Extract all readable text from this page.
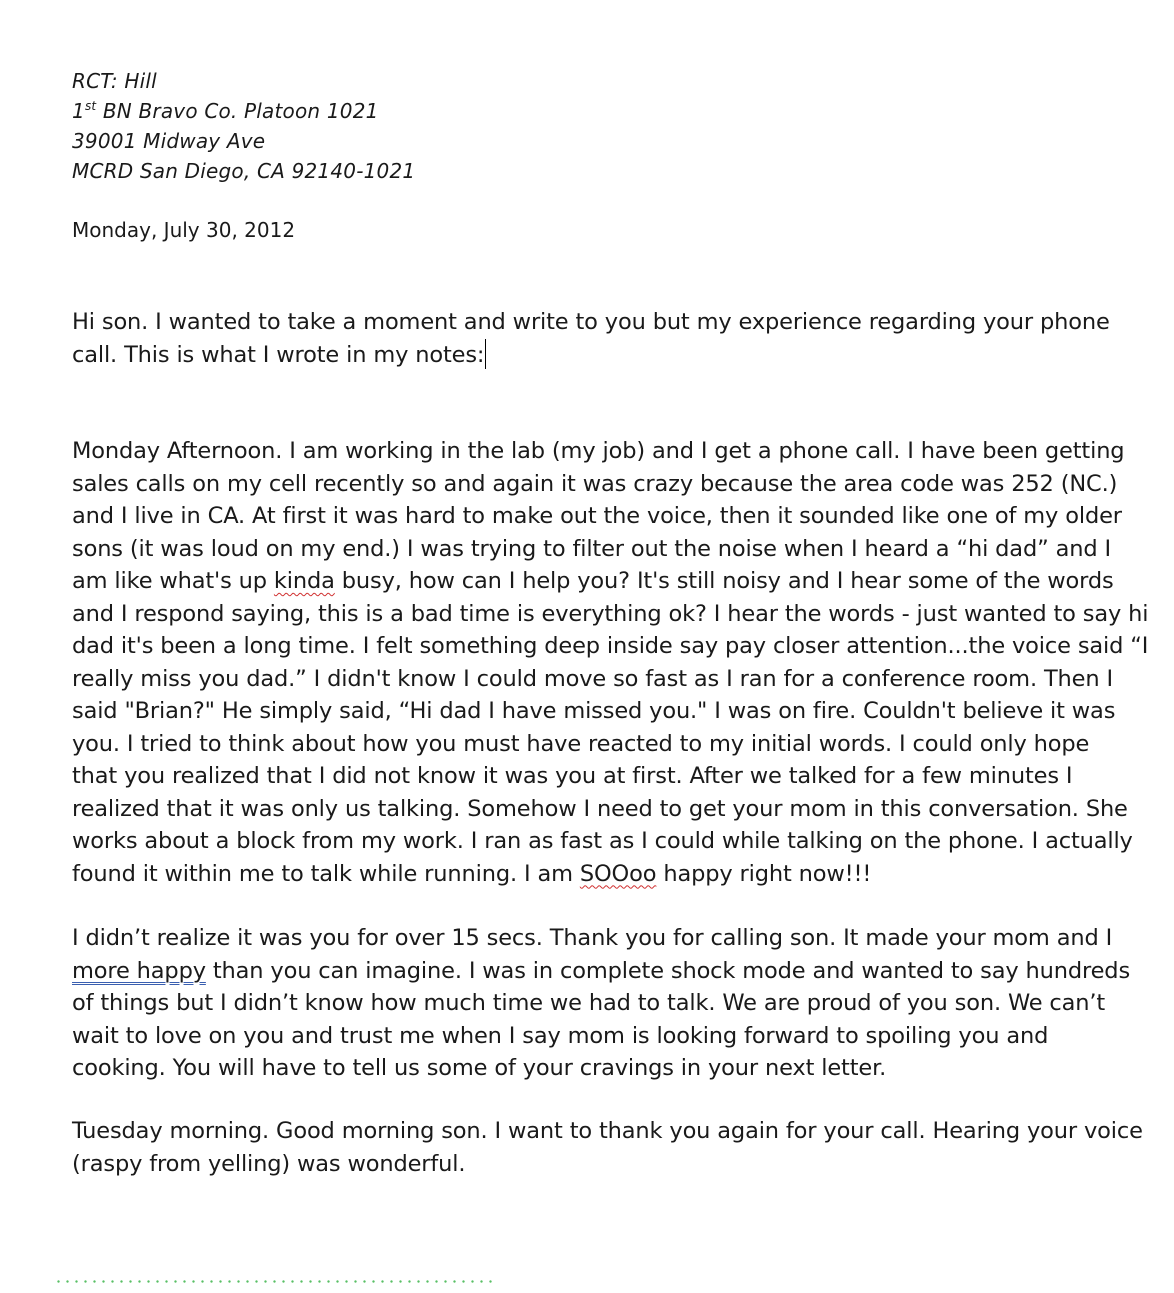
RCT: Hill
1st BN Bravo Co. Platoon 1021
39001 Midway Ave
MCRD San Diego, CA 92140-1021
Monday, July 30, 2012
Hi son. I wanted to take a moment and write to you but my experience regarding your phone
call. This is what I wrote in my notes:
Monday Afternoon. I am working in the lab (my job) and I get a phone call. I have been getting
sales calls on my cell recently so and again it was crazy because the area code was 252 (NC.)
and I live in CA. At first it was hard to make out the voice, then it sounded like one of my older
sons (it was loud on my end.) I was trying to filter out the noise when I heard a “hi dad” and I
am like what's up kinda busy, how can I help you? It's still noisy and I hear some of the words
and I respond saying, this is a bad time is everything ok? I hear the words - just wanted to say hi
dad it's been a long time. I felt something deep inside say pay closer attention...the voice said “I
really miss you dad.” I didn't know I could move so fast as I ran for a conference room. Then I
said "Brian?" He simply said, “Hi dad I have missed you." I was on fire. Couldn't believe it was
you. I tried to think about how you must have reacted to my initial words. I could only hope
that you realized that I did not know it was you at first. After we talked for a few minutes I
realized that it was only us talking. Somehow I need to get your mom in this conversation. She
works about a block from my work. I ran as fast as I could while talking on the phone. I actually
found it within me to talk while running. I am SOOoo happy right now!!!
I didn’t realize it was you for over 15 secs. Thank you for calling son. It made your mom and I
more happy than you can imagine. I was in complete shock mode and wanted to say hundreds
of things but I didn’t know how much time we had to talk. We are proud of you son. We can’t
wait to love on you and trust me when I say mom is looking forward to spoiling you and
cooking. You will have to tell us some of your cravings in your next letter.
Tuesday morning. Good morning son. I want to thank you again for your call. Hearing your voice
(raspy from yelling) was wonderful.
